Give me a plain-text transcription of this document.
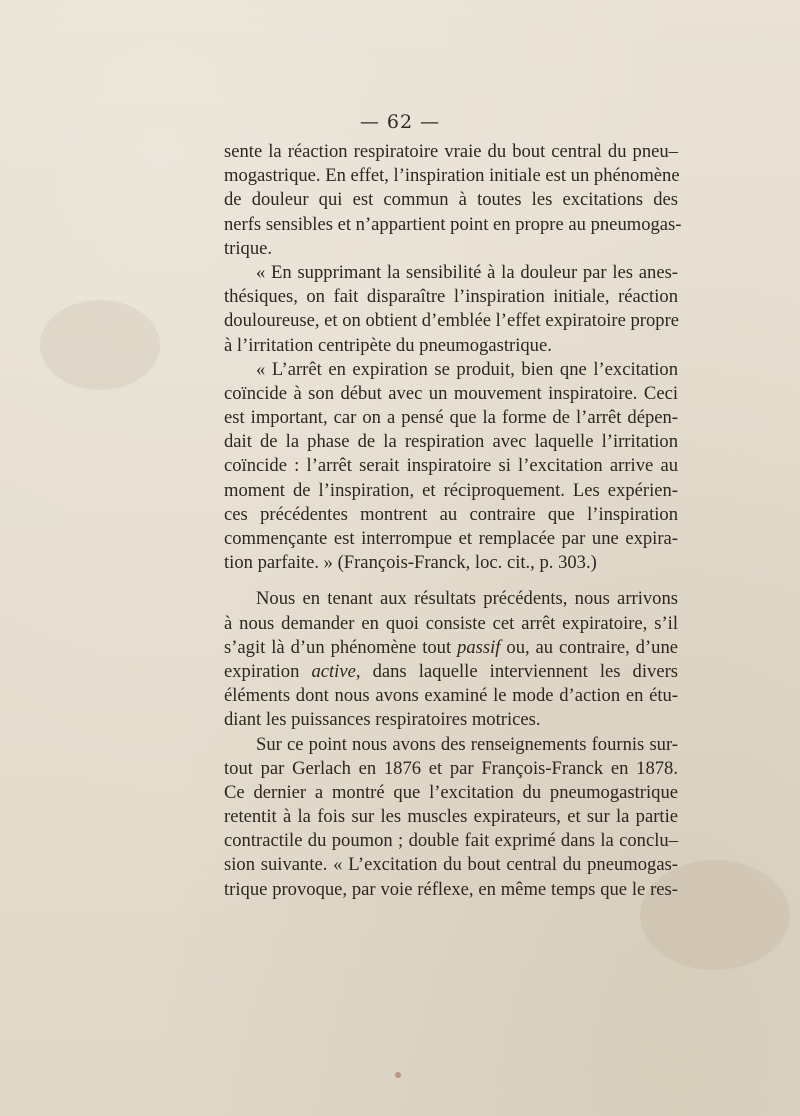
— 62 —
sente la réaction respiratoire vraie du bout central du pneu–
mogastrique. En effet, l’inspiration initiale est un phénomène
de douleur qui est commun à toutes les excitations des
nerfs sensibles et n’appartient point en propre au pneumogas-
trique.
« En supprimant la sensibilité à la douleur par les anes-
thésiques, on fait disparaître l’inspiration initiale, réaction
douloureuse, et on obtient d’emblée l’effet expiratoire propre
à l’irritation centripète du pneumogastrique.
« L’arrêt en expiration se produit, bien qne l’excitation
coïncide à son début avec un mouvement inspiratoire. Ceci
est important, car on a pensé que la forme de l’arrêt dépen-
dait de la phase de la respiration avec laquelle l’irritation
coïncide : l’arrêt serait inspiratoire si l’excitation arrive au
moment de l’inspiration, et réciproquement. Les expérien-
ces précédentes montrent au contraire que l’inspiration
commençante est interrompue et remplacée par une expira-
tion parfaite. » (François-Franck, loc. cit., p. 303.)
Nous en tenant aux résultats précédents, nous arrivons
à nous demander en quoi consiste cet arrêt expiratoire, s’il
s’agit là d’un phénomène tout passif ou, au contraire, d’une
expiration active, dans laquelle interviennent les divers
éléments dont nous avons examiné le mode d’action en étu-
diant les puissances respiratoires motrices.
Sur ce point nous avons des renseignements fournis sur-
tout par Gerlach en 1876 et par François-Franck en 1878.
Ce dernier a montré que l’excitation du pneumogastrique
retentit à la fois sur les muscles expirateurs, et sur la partie
contractile du poumon ; double fait exprimé dans la conclu–
sion suivante. « L’excitation du bout central du pneumogas-
trique provoque, par voie réflexe, en même temps que le res-
